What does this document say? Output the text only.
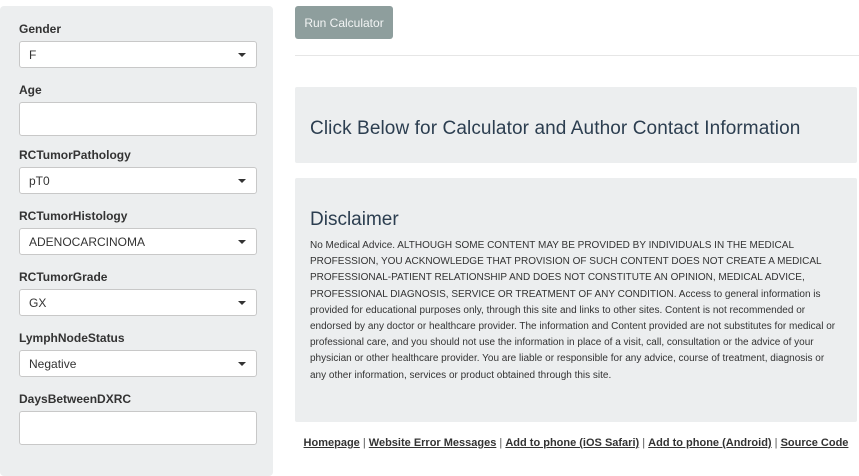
Gender
F
Age
RCTumorPathology
pT0
RCTumorHistology
ADENOCARCINOMA
RCTumorGrade
GX
LymphNodeStatus
Negative
DaysBetweenDXRC
Run Calculator
Click Below for Calculator and Author Contact Information
Disclaimer

No Medical Advice. ALTHOUGH SOME CONTENT MAY BE PROVIDED BY INDIVIDUALS IN THE MEDICAL PROFESSION, YOU ACKNOWLEDGE THAT PROVISION OF SUCH CONTENT DOES NOT CREATE A MEDICAL PROFESSIONAL-PATIENT RELATIONSHIP AND DOES NOT CONSTITUTE AN OPINION, MEDICAL ADVICE, PROFESSIONAL DIAGNOSIS, SERVICE OR TREATMENT OF ANY CONDITION. Access to general information is provided for educational purposes only, through this site and links to other sites. Content is not recommended or endorsed by any doctor or healthcare provider. The information and Content provided are not substitutes for medical or professional care, and you should not use the information in place of a visit, call, consultation or the advice of your physician or other healthcare provider. You are liable or responsible for any advice, course of treatment, diagnosis or any other information, services or product obtained through this site.

Homepage | Website Error Messages | Add to phone (iOS Safari) | Add to phone (Android) | Source Code
